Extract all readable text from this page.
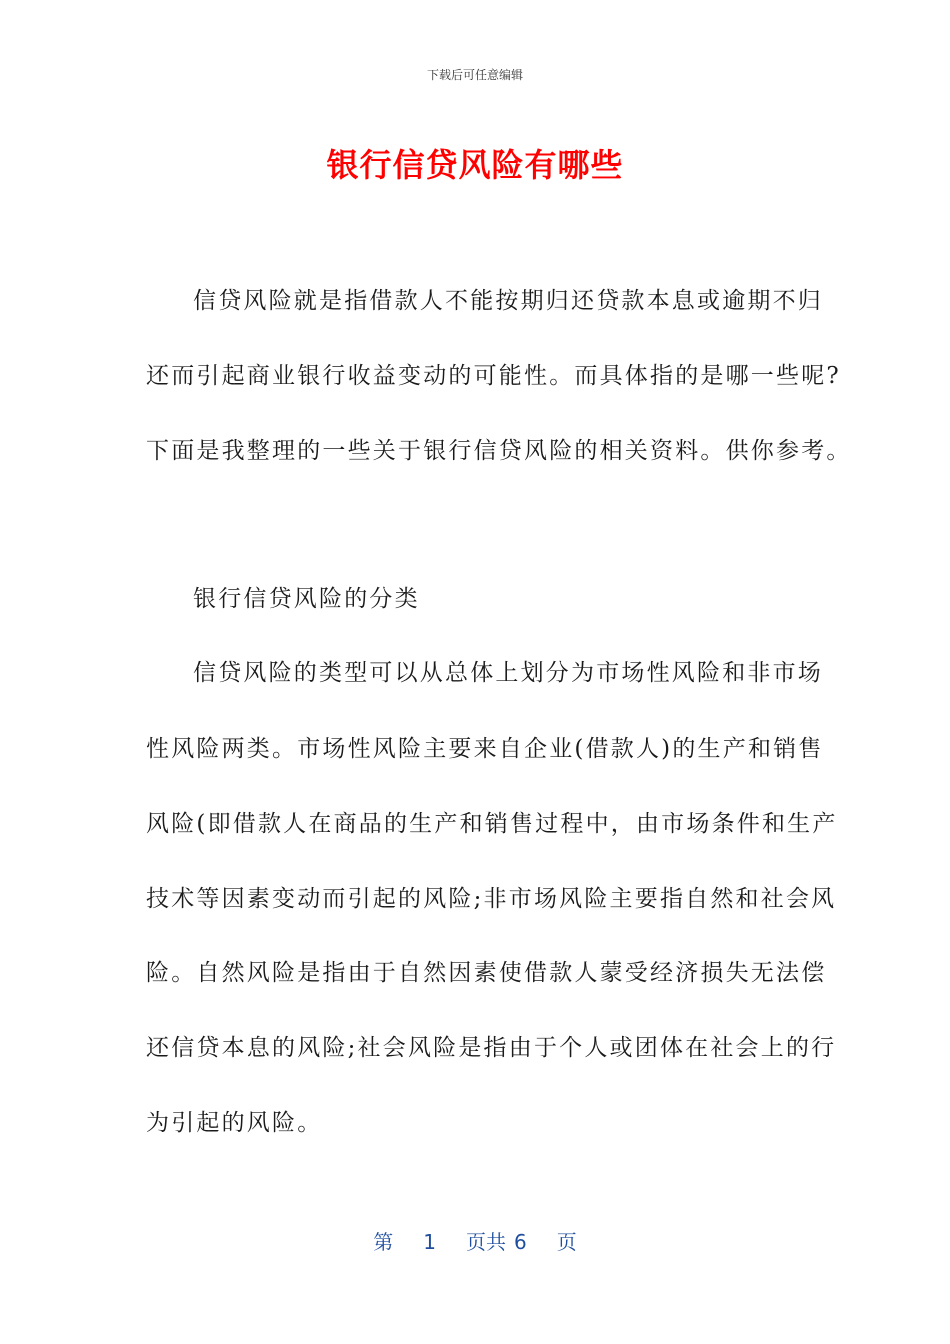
下载后可任意编辑
银行信贷风险有哪些
信贷风险就是指借款人不能按期归还贷款本息或逾期不归
还而引起商业银行收益变动的可能性。而具体指的是哪一些呢?
下面是我整理的一些关于银行信贷风险的相关资料。供你参考。
银行信贷风险的分类
信贷风险的类型可以从总体上划分为市场性风险和非市场
性风险两类。市场性风险主要来自企业(借款人)的生产和销售
风险(即借款人在商品的生产和销售过程中，由市场条件和生产
技术等因素变动而引起的风险;非市场风险主要指自然和社会风
险。自然风险是指由于自然因素使借款人蒙受经济损失无法偿
还信贷本息的风险;社会风险是指由于个人或团体在社会上的行
为引起的风险。
第 1 页共 6 页
